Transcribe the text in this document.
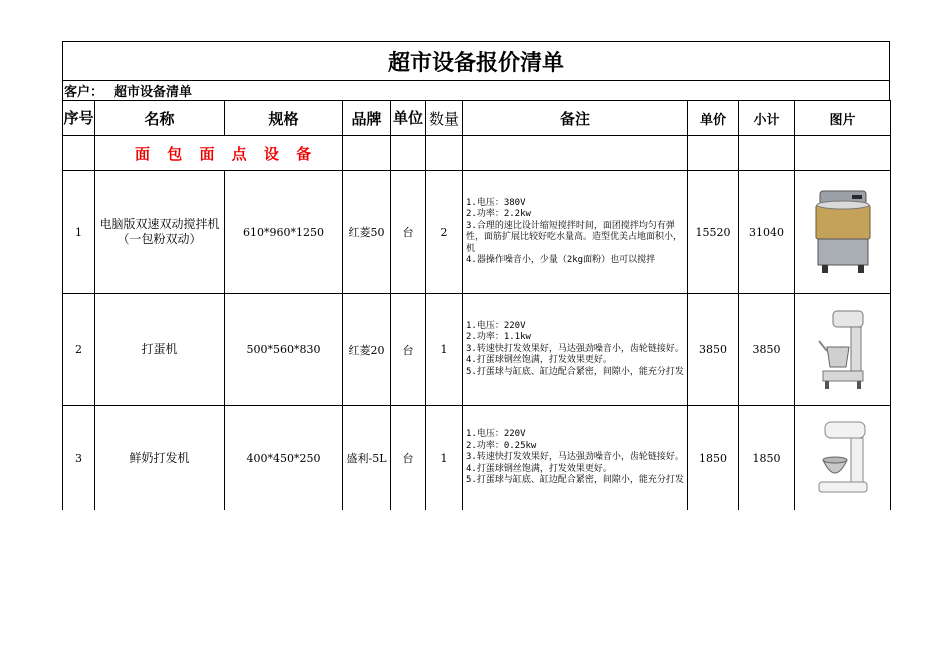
超市设备报价清单
客户： 超市设备清单
序号	名称	规格	品牌	单位	数量	备注	单价	小计	图片
	面 包 面 点 设 备								
1	电脑版双速双动搅拌机（一包粉双动）	610*960*1250	红菱50	台	2	1.电压：380V
2.功率：2.2kw
3.合理的速比设计缩短搅拌时间，面团搅拌均匀有弹
性，面筋扩展比较好吃水量高。造型优美占地面积小，机
4.器操作噪音小，少量（2kg面粉）也可以搅拌	15520	31040	

2	打蛋机	500*560*830	红菱20	台	1	1.电压：220V
2.功率：1.1kw
3.转速快打发效果好，马达强劲噪音小，齿轮链接好。
4.打蛋球钢丝饱满，打发效果更好。
5.打蛋球与缸底、缸边配合紧密，间隙小，能充分打发	3850	3850	

3	鲜奶打发机	400*450*250	盛利-5L	台	1	1.电压：220V
2.功率：0.25kw
3.转速快打发效果好，马达强劲噪音小，齿轮链接好。
4.打蛋球钢丝饱满，打发效果更好。
5.打蛋球与缸底、缸边配合紧密，间隙小，能充分打发	1850	1850	
